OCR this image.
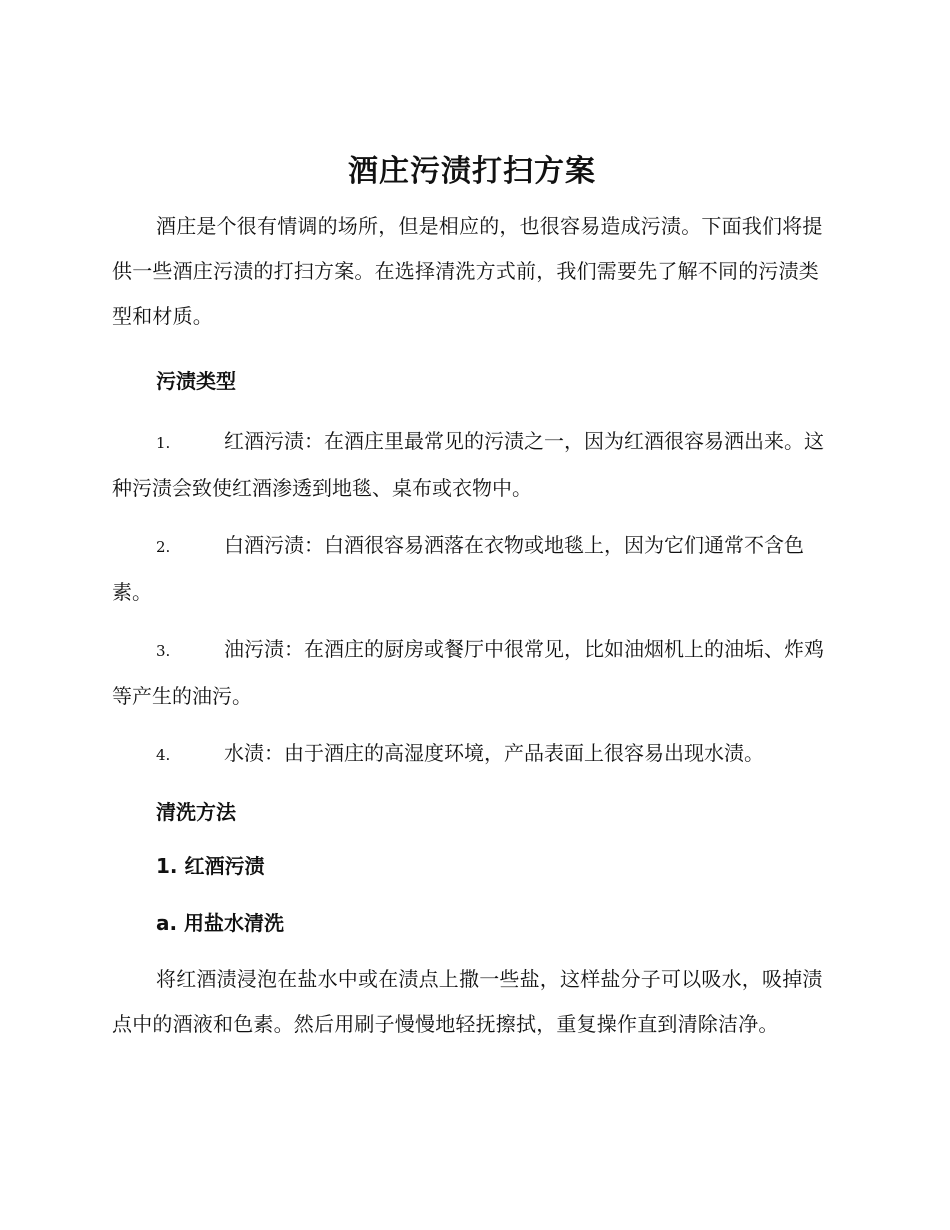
酒庄污渍打扫方案

酒庄是个很有情调的场所，但是相应的，也很容易造成污渍。下面我们将提供一些酒庄污渍的打扫方案。在选择清洗方式前，我们需要先了解不同的污渍类型和材质。

污渍类型
1.	红酒污渍：在酒庄里最常见的污渍之一，因为红酒很容易洒出来。这种污渍会致使红酒渗透到地毯、桌布或衣物中。
2.	白酒污渍：白酒很容易洒落在衣物或地毯上，因为它们通常不含色素。
3.	油污渍：在酒庄的厨房或餐厅中很常见，比如油烟机上的油垢、炸鸡等产生的油污。
4.	水渍：由于酒庄的高湿度环境，产品表面上很容易出现水渍。
清洗方法
1. 红酒污渍
a. 用盐水清洗

将红酒渍浸泡在盐水中或在渍点上撒一些盐，这样盐分子可以吸水，吸掉渍点中的酒液和色素。然后用刷子慢慢地轻抚擦拭，重复操作直到清除洁净。
